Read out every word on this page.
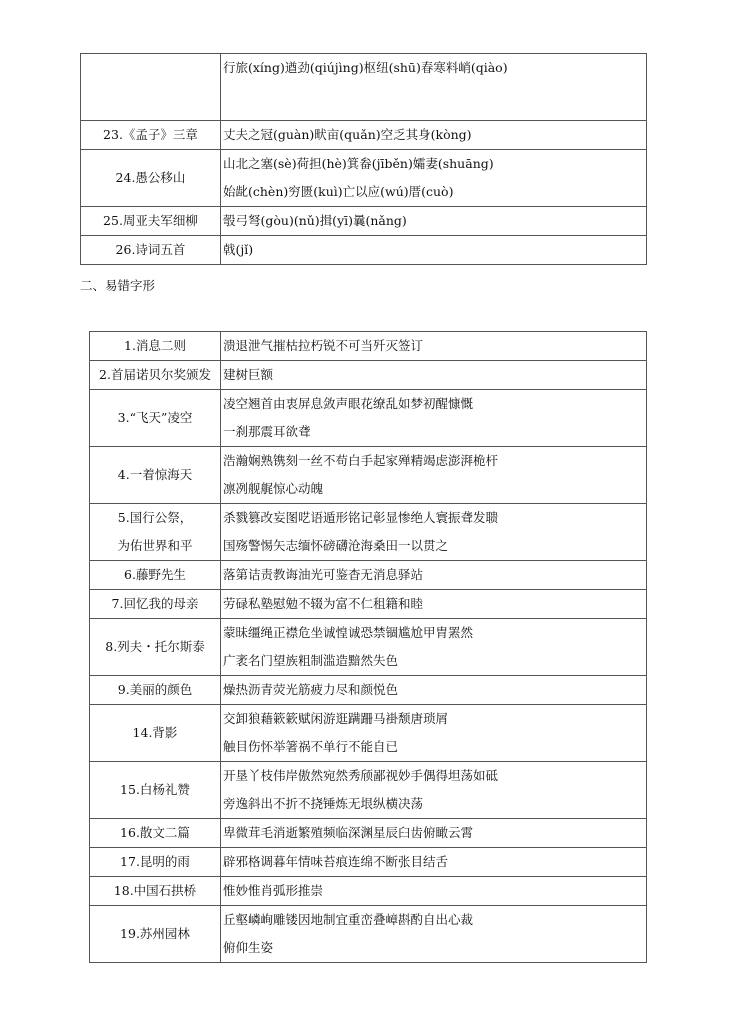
	行旅(xíng)遒劲(qiújìng)枢纽(shū)春寒料峭(qiào)

23.《孟子》三章	丈夫之冠(guàn)畎亩(quǎn)空乏其身(kòng)

24.愚公移山	山北之塞(sè)荷担(hè)箕畚(jīběn)孀妻(shuāng)
始龀(chèn)穷匮(kuì)亡以应(wú)厝(cuò)

25.周亚夫军细柳	彀弓弩(gòu)(nǔ)揖(yī)曩(nǎng)

26.诗词五首	戟(jǐ)
二、易错字形
1.消息二则	溃退泄气摧枯拉朽锐不可当歼灭签订

2.首届诺贝尔奖颁发	建树巨额

3.“飞天”凌空	凌空翘首由衷屏息敛声眼花缭乱如梦初醒慷慨
一刹那震耳欲聋

4.一着惊海天	浩瀚娴熟镌刻一丝不苟白手起家殚精竭虑澎湃桅杆
凛冽舰艉惊心动魄

5.国行公祭，
为佑世界和平	杀戮篡改妄图呓语遁形铭记彰显惨绝人寰振聋发聩
国殇警惕矢志缅怀磅礴沧海桑田一以贯之

6.藤野先生	落第诘责教诲油光可鉴杳无消息驿站

7.回忆我的母亲	劳碌私塾慰勉不辍为富不仁租籍和睦

8.列夫・托尔斯泰	蒙昧缰绳正襟危坐诚惶诚恐禁锢尴尬甲胄罴然
广袤名门望族粗制滥造黯然失色

9.美丽的颜色	燥热沥青荧光筋疲力尽和颜悦色

14.背影	交卸狼藉簌簌赋闲游逛蹒跚马褂颓唐琐屑
触目伤怀举箸祸不单行不能自已

15.白杨礼赞	开垦丫枝伟岸傲然宛然秀颀鄙视妙手偶得坦荡如砥
旁逸斜出不折不挠锤炼无垠纵横决荡

16.散文二篇	卑微茸毛消逝繁殖频临深渊星辰臼齿俯瞰云霄

17.昆明的雨	辟邪格调暮年情味苔痕连绵不断张目结舌

18.中国石拱桥	惟妙惟肖弧形推崇

19.苏州园林	丘壑嶙峋雕镂因地制宜重峦叠嶂斟酌自出心裁
俯仰生姿
